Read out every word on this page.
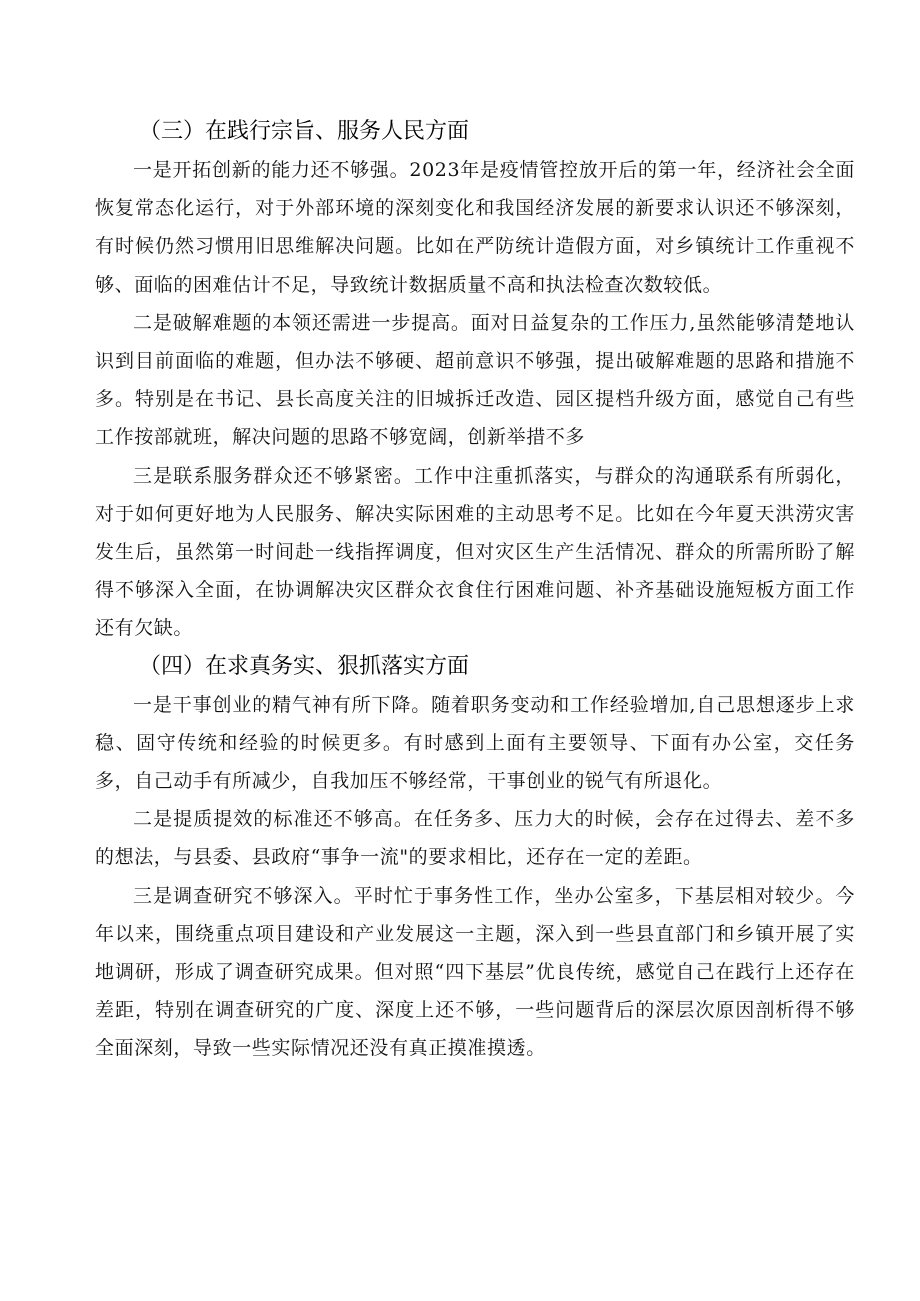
（三）在践行宗旨、服务人民方面

一是开拓创新的能力还不够强。2023年是疫情管控放开后的第一年，经济社会全面恢复常态化运行，对于外部环境的深刻变化和我国经济发展的新要求认识还不够深刻，有时候仍然习惯用旧思维解决问题。比如在严防统计造假方面，对乡镇统计工作重视不够、面临的困难估计不足，导致统计数据质量不高和执法检查次数较低。

二是破解难题的本领还需进一步提高。面对日益复杂的工作压力,虽然能够清楚地认识到目前面临的难题，但办法不够硬、超前意识不够强，提出破解难题的思路和措施不多。特别是在书记、县长高度关注的旧城拆迁改造、园区提档升级方面，感觉自己有些工作按部就班，解决问题的思路不够宽阔，创新举措不多

三是联系服务群众还不够紧密。工作中注重抓落实，与群众的沟通联系有所弱化，对于如何更好地为人民服务、解决实际困难的主动思考不足。比如在今年夏天洪涝灾害发生后，虽然第一时间赴一线指挥调度，但对灾区生产生活情况、群众的所需所盼了解得不够深入全面，在协调解决灾区群众衣食住行困难问题、补齐基础设施短板方面工作还有欠缺。

（四）在求真务实、狠抓落实方面

一是干事创业的精气神有所下降。随着职务变动和工作经验增加,自己思想逐步上求稳、固守传统和经验的时候更多。有时感到上面有主要领导、下面有办公室，交任务多，自己动手有所减少，自我加压不够经常，干事创业的锐气有所退化。

二是提质提效的标准还不够高。在任务多、压力大的时候，会存在过得去、差不多的想法，与县委、县政府“事争一流"的要求相比，还存在一定的差距。

三是调查研究不够深入。平时忙于事务性工作，坐办公室多，下基层相对较少。今年以来，围绕重点项目建设和产业发展这一主题，深入到一些县直部门和乡镇开展了实地调研，形成了调查研究成果。但对照“四下基层”优良传统，感觉自己在践行上还存在差距，特别在调查研究的广度、深度上还不够，一些问题背后的深层次原因剖析得不够全面深刻，导致一些实际情况还没有真正摸准摸透。
